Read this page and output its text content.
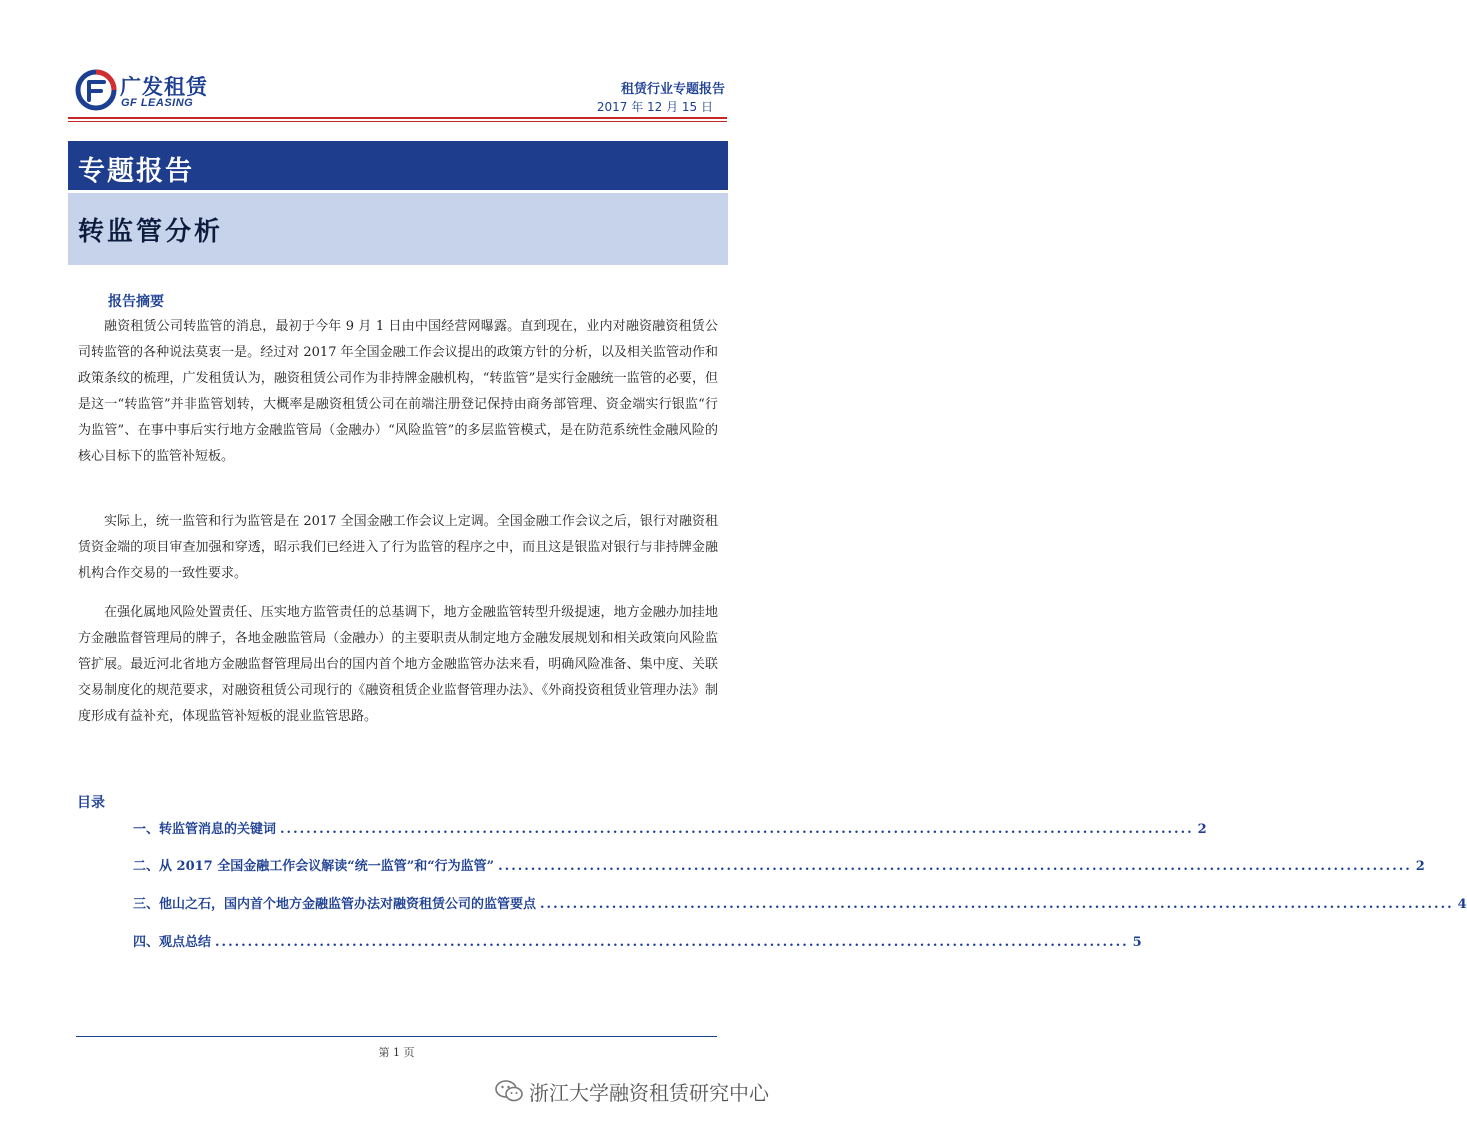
广发租赁
GF LEASING
租赁行业专题报告
2017 年 12 月 15 日
专题报告
转监管分析
报告摘要

融资租赁公司转监管的消息，最初于今年 9 月 1 日由中国经营网曝露。直到现在，业内对融资融资租赁公司转监管的各种说法莫衷一是。经过对 2017 年全国金融工作会议提出的政策方针的分析，以及相关监管动作和政策条纹的梳理，广发租赁认为，融资租赁公司作为非持牌金融机构，“转监管”是实行金融统一监管的必要，但是这一“转监管”并非监管划转，大概率是融资租赁公司在前端注册登记保持由商务部管理、资金端实行银监“行为监管”、在事中事后实行地方金融监管局（金融办）“风险监管”的多层监管模式，是在防范系统性金融风险的核心目标下的监管补短板。

实际上，统一监管和行为监管是在 2017 全国金融工作会议上定调。全国金融工作会议之后，银行对融资租赁资金端的项目审查加强和穿透，昭示我们已经进入了行为监管的程序之中，而且这是银监对银行与非持牌金融机构合作交易的一致性要求。

在强化属地风险处置责任、压实地方监管责任的总基调下，地方金融监管转型升级提速，地方金融办加挂地方金融监督管理局的牌子，各地金融监管局（金融办）的主要职责从制定地方金融发展规划和相关政策向风险监管扩展。最近河北省地方金融监督管理局出台的国内首个地方金融监管办法来看，明确风险准备、集中度、关联交易制度化的规范要求，对融资租赁公司现行的《融资租赁企业监督管理办法》、《外商投资租赁业管理办法》制度形成有益补充，体现监管补短板的混业监管思路。

目录
一、转监管消息的关键词 ............................................................................................................................................ 2
二、从 2017 全国金融工作会议解读“统一监管”和“行为监管” ............................................................................................................................................ 2
三、他山之石，国内首个地方金融监管办法对融资租赁公司的监管要点 ............................................................................................................................................ 4
四、观点总结 ............................................................................................................................................ 5
第 1 页
浙江大学融资租赁研究中心
